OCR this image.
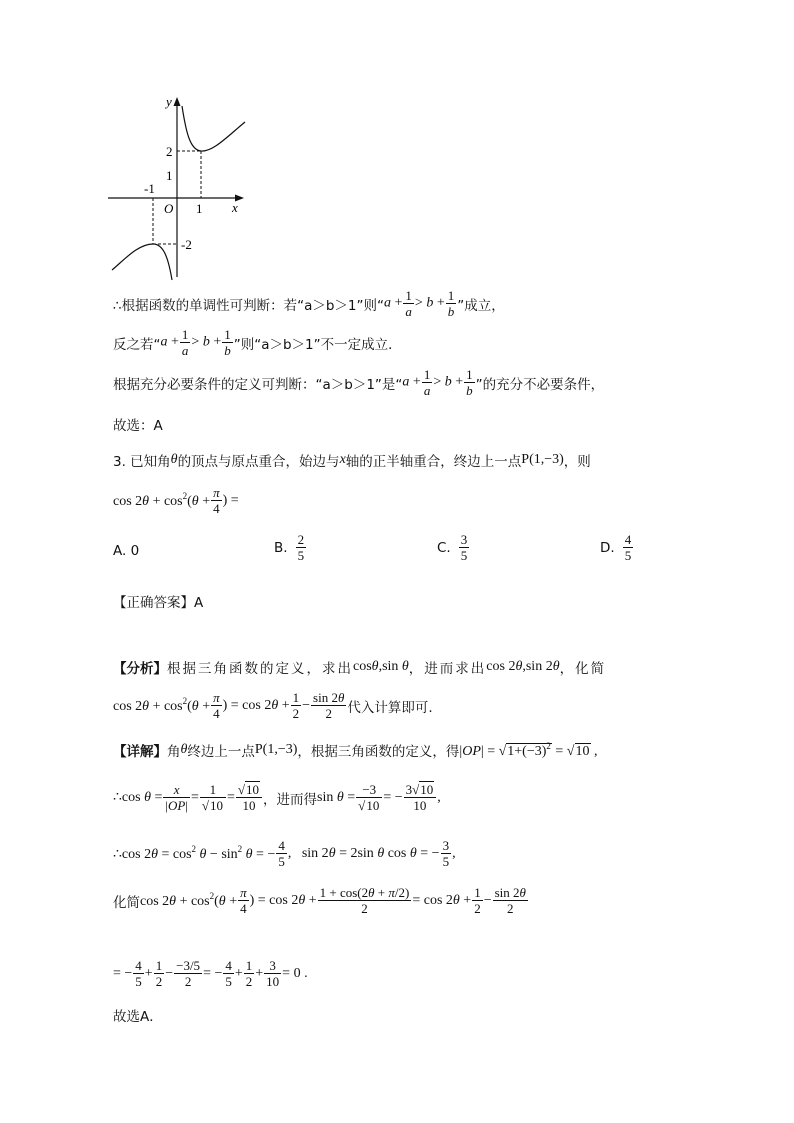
y
x
O
2
1
-2
-1
1
∴根据函数的单调性可判断：若“a＞b＞1”则“ $a + \frac{1}{a} > b + \frac{1}{b}$ ”成立，
反之若“ $a + \frac{1}{a} > b + \frac{1}{b}$ ”则“a＞b＞1”不一定成立．
根据充分必要条件的定义可判断：“a＞b＞1”是“ $a + \frac{1}{a} > b + \frac{1}{b}$ ”的充分不必要条件，
故选：A
3. 已知角 θ 的顶点与原点重合，始边与 x 轴的正半轴重合，终边上一点 P(1,−3) ，则
$\cos 2\theta + \cos^2(\theta + \frac{\pi}{4}$ ) =
A. 0	B. $\frac{2}{5}$	C. $\frac{3}{5}$	D. $\frac{4}{5}$
【正确答案】A
【分析】 根据三角函数的定义，求出 cosθ,sin θ ，进而求出 cos 2θ,sin 2θ ，化简
$\cos 2\theta + \cos^2(\theta + \frac{\pi}{4}$ ) = $\cos 2\theta + \frac{1}{2} - \frac{\sin 2\theta}{2}$ 代入计算即可.
【详解】 角 θ 终边上一点 P(1,−3) ，根据三角函数的定义，得 $|OP| = √1+(-3)^2 = √10$ ,
∴cos $\theta = \frac{x}{|OP|} = \frac{1}{√10} = \frac{√10}{10}$ ，进而得 $\sin \theta = \frac{-3}{√10}$ = − $\frac{3√10}{10}$ ,
∴cos $2\theta = \cos^2 \theta - \sin^2 \theta$ = − $\frac{4}{5}$ ,   sin 2θ = 2sin θ cos θ = − $\frac{3}{5}$ ,
化简 $\cos 2\theta + \cos^2(\theta + \frac{\pi}{4}$ ) = $\cos 2\theta + \frac{1 + \cos(2\theta + \pi/2)}{2} = \cos 2\theta + \frac{1}{2} - \frac{\sin 2\theta}{2}$
= − $\frac{4}{5} + \frac{1}{2} - \frac{-3/5}{2}$ = − $\frac{4}{5} + \frac{1}{2} + \frac{3}{10} = 0$ .
故选A．
